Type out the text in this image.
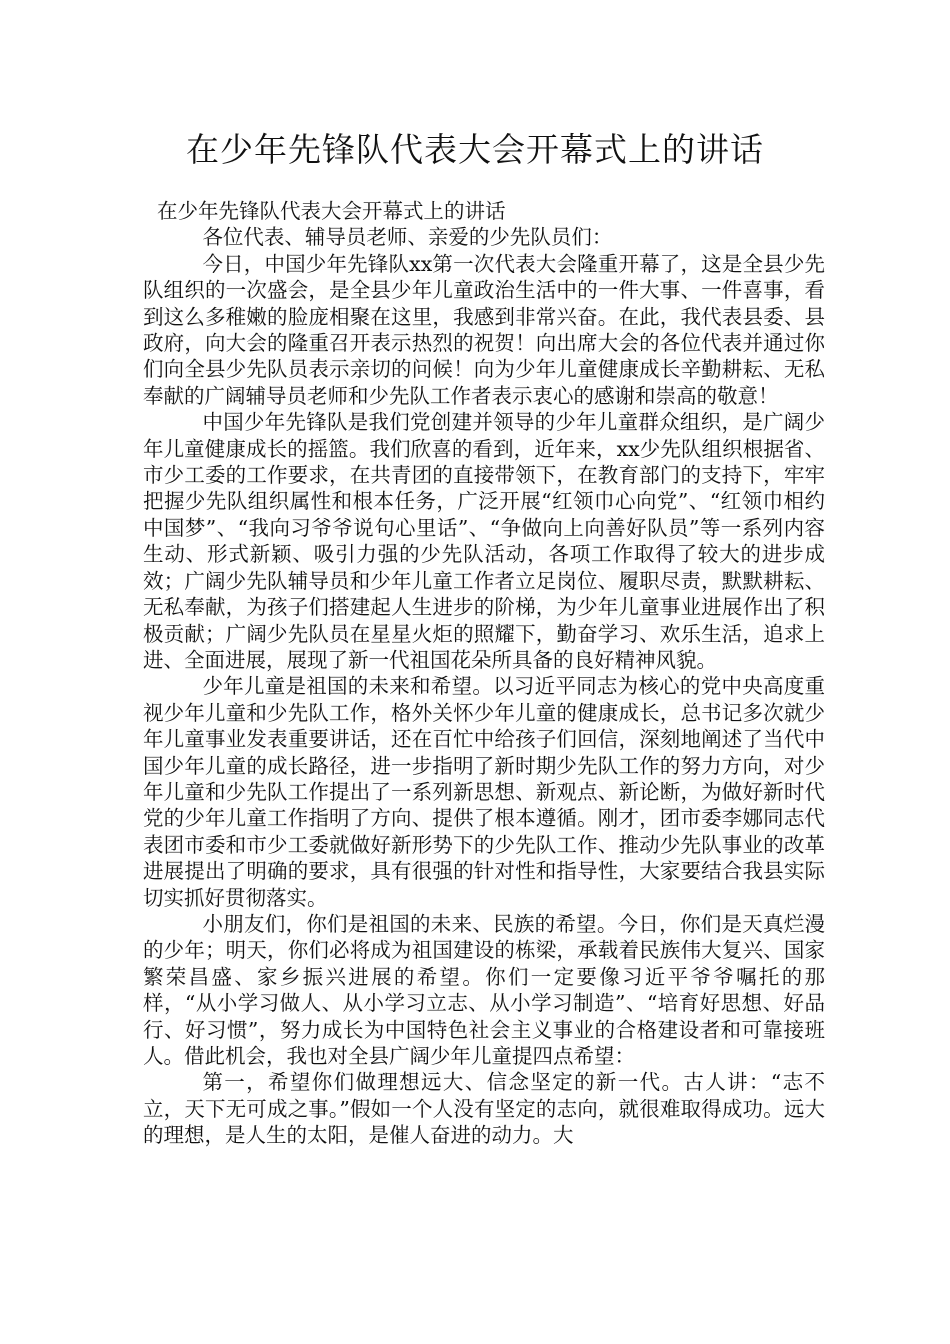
在少年先锋队代表大会开幕式上的讲话

在少年先锋队代表大会开幕式上的讲话

各位代表、辅导员老师、亲爱的少先队员们：

今日，中国少年先锋队xx第一次代表大会隆重开幕了，这是全县少先队组织的一次盛会，是全县少年儿童政治生活中的一件大事、一件喜事，看到这么多稚嫩的脸庞相聚在这里，我感到非常兴奋。在此，我代表县委、县政府，向大会的隆重召开表示热烈的祝贺！向出席大会的各位代表并通过你们向全县少先队员表示亲切的问候！向为少年儿童健康成长辛勤耕耘、无私奉献的广阔辅导员老师和少先队工作者表示衷心的感谢和崇高的敬意！

中国少年先锋队是我们党创建并领导的少年儿童群众组织，是广阔少年儿童健康成长的摇篮。我们欣喜的看到，近年来，xx少先队组织根据省、市少工委的工作要求，在共青团的直接带领下，在教育部门的支持下，牢牢把握少先队组织属性和根本任务，广泛开展“红领巾心向党”、“红领巾相约中国梦”、“我向习爷爷说句心里话”、“争做向上向善好队员”等一系列内容生动、形式新颖、吸引力强的少先队活动，各项工作取得了较大的进步成效；广阔少先队辅导员和少年儿童工作者立足岗位、履职尽责，默默耕耘、无私奉献，为孩子们搭建起人生进步的阶梯，为少年儿童事业进展作出了积极贡献；广阔少先队员在星星火炬的照耀下，勤奋学习、欢乐生活，追求上进、全面进展，展现了新一代祖国花朵所具备的良好精神风貌。

少年儿童是祖国的未来和希望。以习近平同志为核心的党中央高度重视少年儿童和少先队工作，格外关怀少年儿童的健康成长，总书记多次就少年儿童事业发表重要讲话，还在百忙中给孩子们回信，深刻地阐述了当代中国少年儿童的成长路径，进一步指明了新时期少先队工作的努力方向，对少年儿童和少先队工作提出了一系列新思想、新观点、新论断，为做好新时代党的少年儿童工作指明了方向、提供了根本遵循。刚才，团市委李娜同志代表团市委和市少工委就做好新形势下的少先队工作、推动少先队事业的改革进展提出了明确的要求，具有很强的针对性和指导性，大家要结合我县实际切实抓好贯彻落实。

小朋友们，你们是祖国的未来、民族的希望。今日，你们是天真烂漫的少年；明天，你们必将成为祖国建设的栋梁，承载着民族伟大复兴、国家繁荣昌盛、家乡振兴进展的希望。你们一定要像习近平爷爷嘱托的那样，“从小学习做人、从小学习立志、从小学习制造”、“培育好思想、好品行、好习惯”，努力成长为中国特色社会主义事业的合格建设者和可靠接班人。借此机会，我也对全县广阔少年儿童提四点希望：

第一，希望你们做理想远大、信念坚定的新一代。古人讲：“志不立，天下无可成之事。”假如一个人没有坚定的志向，就很难取得成功。远大的理想，是人生的太阳，是催人奋进的动力。大
